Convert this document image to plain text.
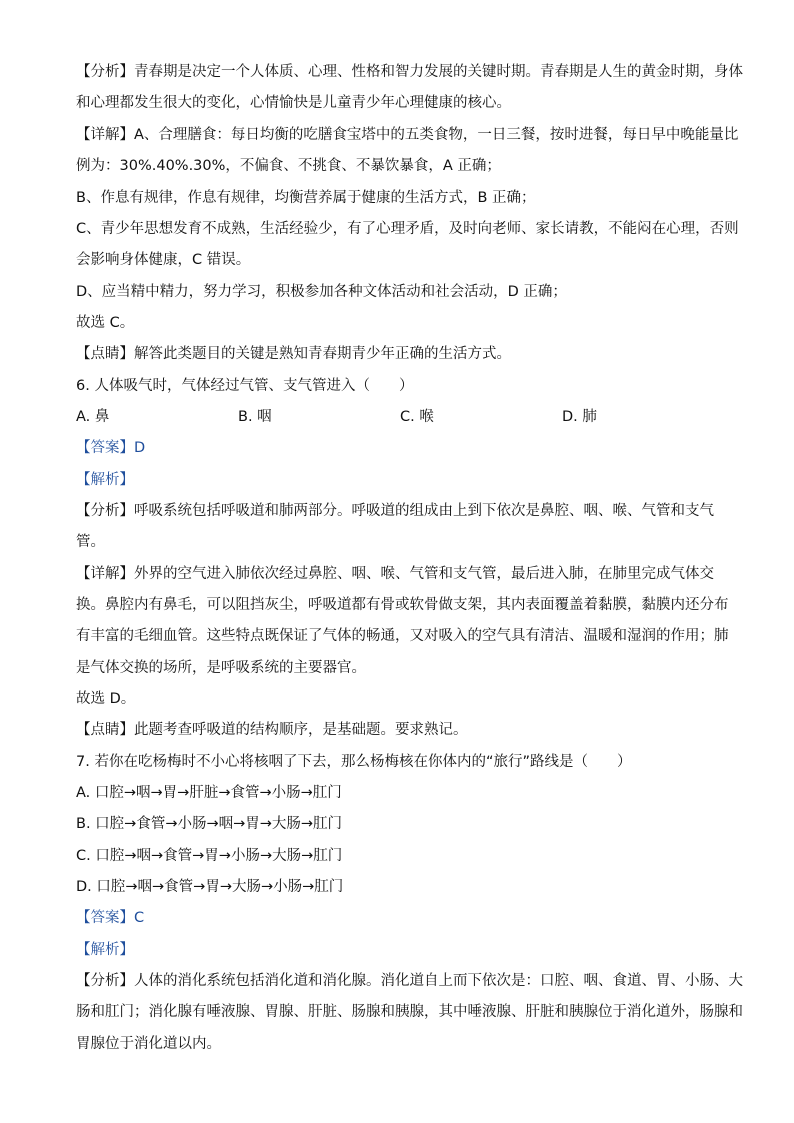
【分析】青春期是决定一个人体质、心理、性格和智力发展的关键时期。青春期是人生的黄金时期，身体
和心理都发生很大的变化，心情愉快是儿童青少年心理健康的核心。
【详解】A、合理膳食：每日均衡的吃膳食宝塔中的五类食物，一日三餐，按时进餐，每日早中晚能量比
例为：30%.40%.30%，不偏食、不挑食、不暴饮暴食，A 正确；
B、作息有规律，作息有规律，均衡营养属于健康的生活方式，B 正确；
C、青少年思想发育不成熟，生活经验少，有了心理矛盾，及时向老师、家长请教，不能闷在心理，否则
会影响身体健康，C 错误。
D、应当精中精力，努力学习，积极参加各种文体活动和社会活动，D 正确；
故选 C。
【点睛】解答此类题目的关键是熟知青春期青少年正确的生活方式。
6. 人体吸气时，气体经过气管、支气管进入（　　）
A. 鼻	B. 咽	C. 喉	D. 肺
【答案】D
【解析】
【分析】呼吸系统包括呼吸道和肺两部分。呼吸道的组成由上到下依次是鼻腔、咽、喉、气管和支气
管。
【详解】外界的空气进入肺依次经过鼻腔、咽、喉、气管和支气管，最后进入肺，在肺里完成气体交
换。鼻腔内有鼻毛，可以阻挡灰尘，呼吸道都有骨或软骨做支架，其内表面覆盖着黏膜，黏膜内还分布
有丰富的毛细血管。这些特点既保证了气体的畅通，又对吸入的空气具有清洁、温暖和湿润的作用；肺
是气体交换的场所，是呼吸系统的主要器官。
故选 D。
【点睛】此题考查呼吸道的结构顺序，是基础题。要求熟记。
7. 若你在吃杨梅时不小心将核咽了下去，那么杨梅核在你体内的“旅行”路线是（　　）
A. 口腔→咽→胃→肝脏→食管→小肠→肛门
B. 口腔→食管→小肠→咽→胃→大肠→肛门
C. 口腔→咽→食管→胃→小肠→大肠→肛门
D. 口腔→咽→食管→胃→大肠→小肠→肛门
【答案】C
【解析】
【分析】人体的消化系统包括消化道和消化腺。消化道自上而下依次是：口腔、咽、食道、胃、小肠、大
肠和肛门；消化腺有唾液腺、胃腺、肝脏、肠腺和胰腺，其中唾液腺、肝脏和胰腺位于消化道外，肠腺和
胃腺位于消化道以内。
